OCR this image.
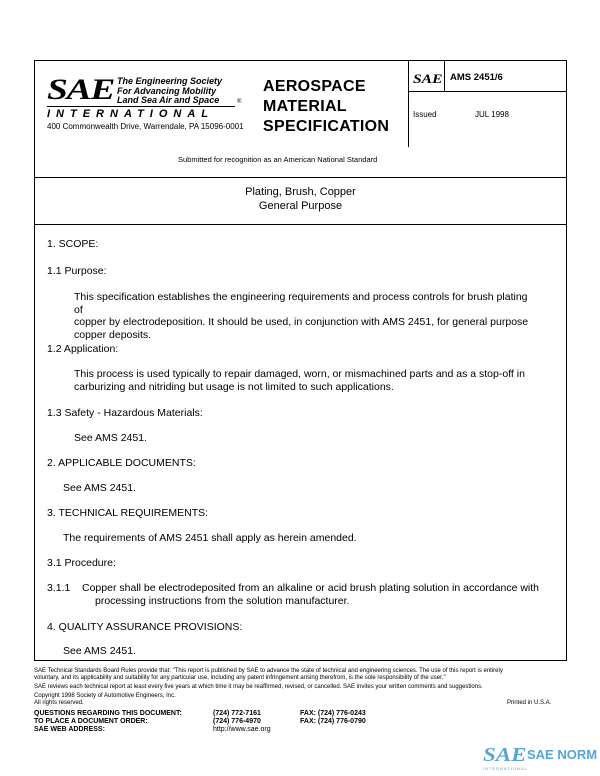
SAE The Engineering Society
For Advancing Mobility
Land Sea Air and Space	®
INTERNATIONAL
400 Commonwealth Drive, Warrendale, PA 15096-0001
AEROSPACE
MATERIAL
SPECIFICATION
SAE AMS 2451/6
Issued	JUL 1998
Submitted for recognition as an American National Standard
Plating, Brush, Copper
General Purpose
1. SCOPE:
1.1 Purpose:
This specification establishes the engineering requirements and process controls for brush plating of
copper by electrodeposition. It should be used, in conjunction with AMS 2451, for general purpose
copper deposits.
1.2 Application:
This process is used typically to repair damaged, worn, or mismachined parts and as a stop-off in
carburizing and nitriding but usage is not limited to such applications.
1.3 Safety - Hazardous Materials:
See AMS 2451.
2. APPLICABLE DOCUMENTS:
See AMS 2451.
3. TECHNICAL REQUIREMENTS:
The requirements of AMS 2451 shall apply as herein amended.
3.1 Procedure:
3.1.1 Copper shall be electrodeposited from an alkaline or acid brush plating solution in accordance with
processing instructions from the solution manufacturer.
4. QUALITY ASSURANCE PROVISIONS:
See AMS 2451.
SAE Technical Standards Board Rules provide that: "This report is published by SAE to advance the state of technical and engineering sciences. The use of this report is entirely
voluntary, and its applicability and suitability for any particular use, including any patent infringement arising therefrom, is the sole responsibility of the user."
SAE reviews each technical report at least every five years at which time it may be reaffirmed, revised, or cancelled. SAE invites your written comments and suggestions.
Copyright 1998 Society of Automotive Engineers, Inc.
All rights reserved.	Printed in U.S.A.
QUESTIONS REGARDING THIS DOCUMENT:	(724) 772-7161	FAX: (724) 776-0243
TO PLACE A DOCUMENT ORDER:	(724) 776-4970	FAX: (724) 776-0790
SAE WEB ADDRESS:	http://www.sae.org
SAE SAE NORM
INTERNATIONAL
